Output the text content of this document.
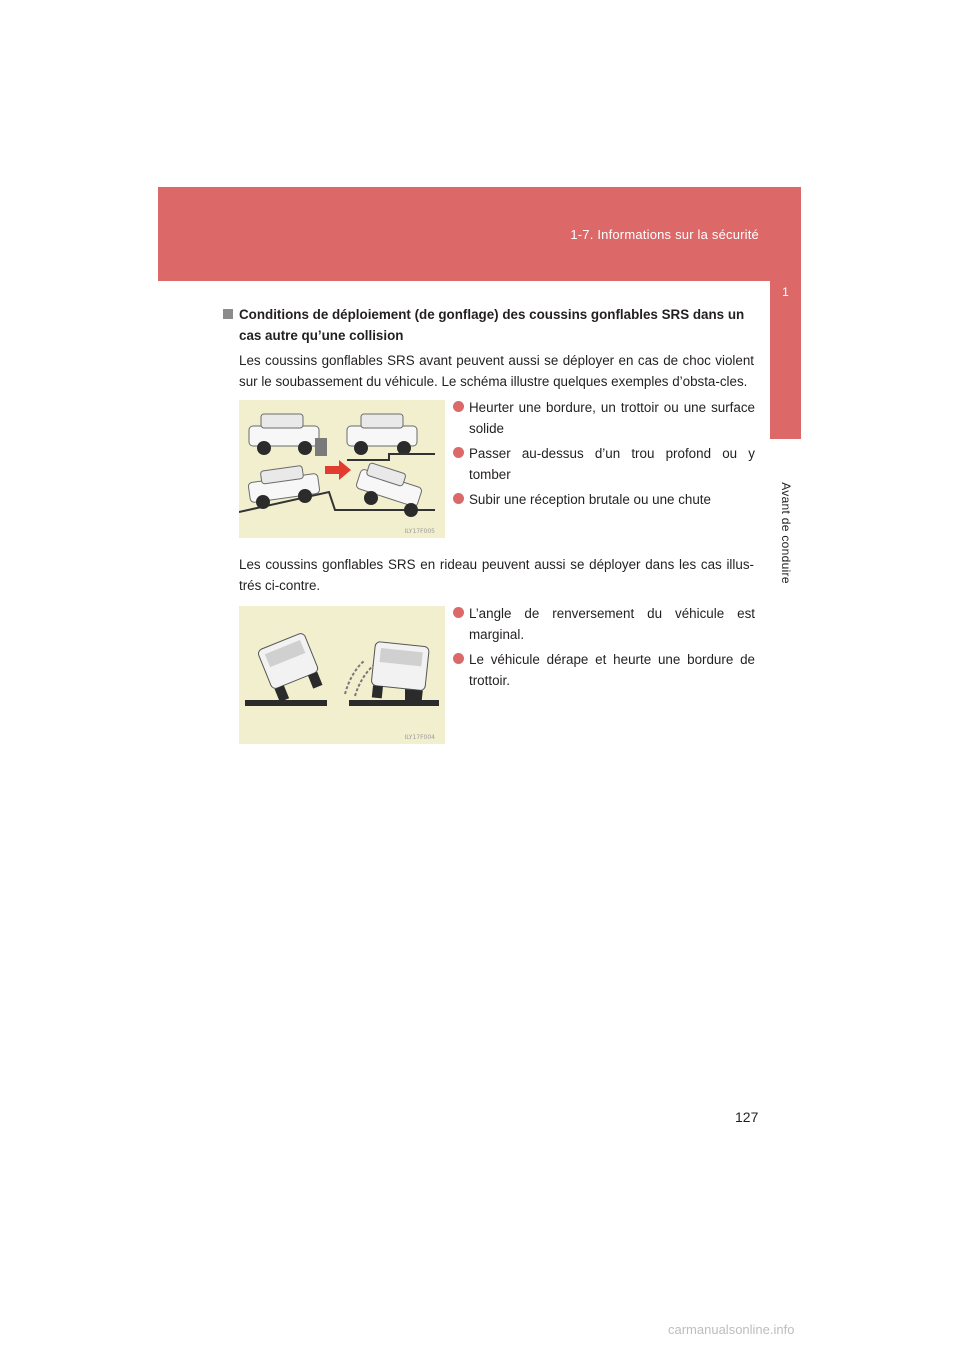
1-7. Informations sur la sécurité
1
Avant de conduire

Conditions de déploiement (de gonflage) des coussins gonflables SRS dans un cas autre qu’une collision

Les coussins gonflables SRS avant peuvent aussi se déployer en cas de choc violent sur le soubassement du véhicule. Le schéma illustre quelques exemples d’obsta-cles.

ILY17F005
Heurter une bordure, un trottoir ou une surface solide
Passer au-dessus d’un trou profond ou y tomber
Subir une réception brutale ou une chute

Les coussins gonflables SRS en rideau peuvent aussi se déployer dans les cas illus-trés ci-contre.

ILY17F004
L’angle de renversement du véhicule est marginal.
Le véhicule dérape et heurte une bordure de trottoir.
127
carmanualsonline.info
